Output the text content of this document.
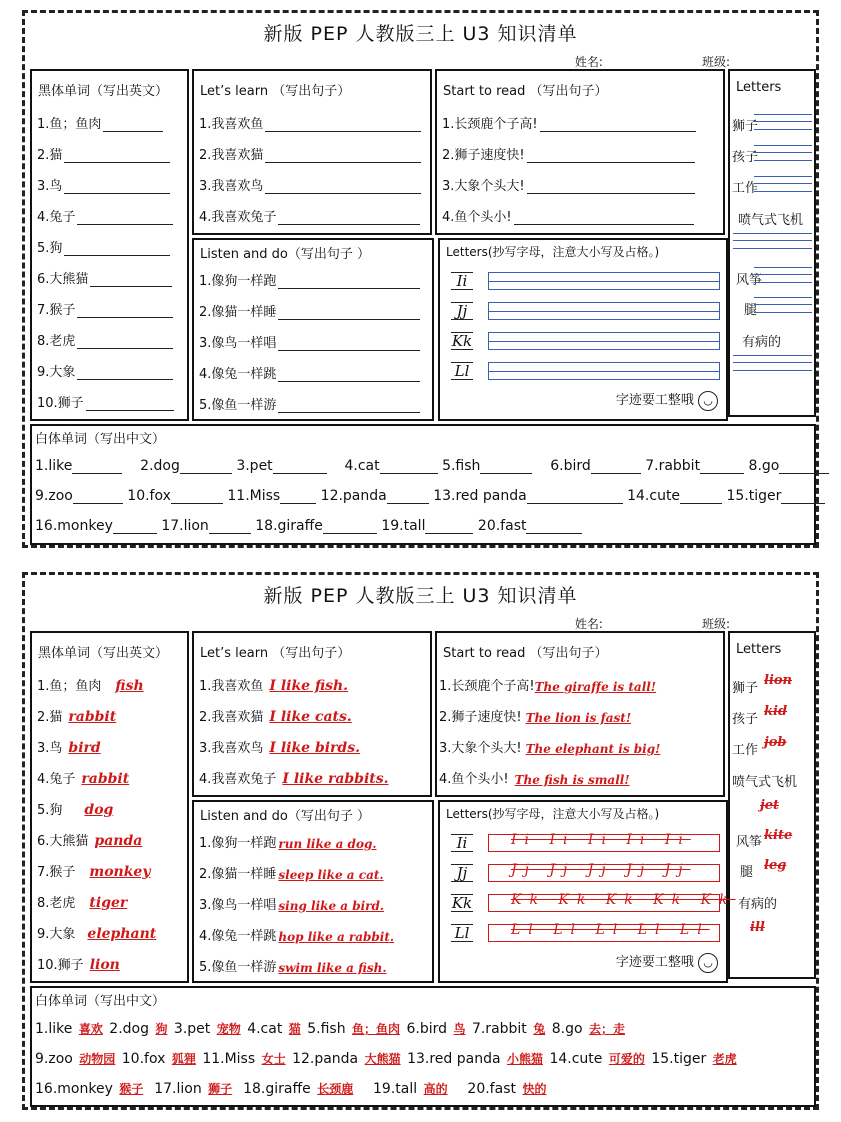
新版 PEP 人教版三上 U3 知识清单
姓名:	班级:
黑体单词（写出英文）
1.鱼；鱼肉
2.猫
3.鸟
4.兔子
5.狗
6.大熊猫
7.猴子
8.老虎
9.大象
10.狮子
Let’s learn （写出句子）
1.我喜欢鱼
2.我喜欢猫
3.我喜欢鸟
4.我喜欢兔子
Start to read （写出句子）
1.长颈鹿个子高!
2.狮子速度快!
3.大象个头大!
4.鱼个头小!
Letters
狮子
孩子
工作
喷气式飞机
风筝
腿
有病的
Listen and do（写出句子 ）
1.像狗一样跑
2.像猫一样睡
3.像鸟一样唱
4.像兔一样跳
5.像鱼一样游
Letters(抄写字母，注意大小写及占格。)
Ii
Jj
Kk
Ll
字迹要工整哦 ◡
白体单词（写出中文）
1.like	2.dog	3.pet	4.cat	5.fish	6.bird	7.rabbit	8.go
9.zoo	10.fox	11.Miss	12.panda	13.red panda	14.cute	15.tiger
16.monkey	17.lion	18.giraffe	19.tall	20.fast
新版 PEP 人教版三上 U3 知识清单
姓名:	班级:
黑体单词（写出英文）
1.鱼；鱼肉	fish
2.猫 rabbit
3.鸟 bird
4.兔子 rabbit
5.狗	dog
6.大熊猫 panda
7.猴子	monkey
8.老虎	tiger
9.大象 elephant
10.狮子 lion
Let’s learn （写出句子）
1.我喜欢鱼 I like fish.
2.我喜欢猫 I like cats.
3.我喜欢鸟 I like birds.
4.我喜欢兔子 I like rabbits.
Start to read （写出句子）
1.长颈鹿个子高! The giraffe is tall!
2.狮子速度快! The lion is fast!
3.大象个头大! The elephant is big!
4.鱼个头小! The fish is small!
Letters
狮子
lion
孩子
kid
工作
job
喷气式飞机
jet
风筝 kite
腿 leg
有病的
ill
Listen and do（写出句子 ）
1.像狗一样跑 run like a dog.
2.像猫一样睡 sleep like a cat.
3.像鸟一样唱 sing like a bird.
4.像兔一样跳 hop like a rabbit.
5.像鱼一样游 swim like a fish.
Letters(抄写字母，注意大小写及占格。)
Ii	Ii Ii Ii Ii Ii
Jj	Jj Jj Jj Jj Jj
Kk	Kk Kk Kk Kk Kk
Ll	Ll Ll Ll Ll Ll
字迹要工整哦 ◡
白体单词（写出中文）
1.like 喜欢 2.dog 狗 3.pet 宠物 4.cat 猫 5.fish 鱼；鱼肉 6.bird 鸟 7.rabbit 兔 8.go 去；走
9.zoo 动物园 10.fox 狐狸 11.Miss 女士 12.panda 大熊猫 13.red panda 小熊猫 14.cute 可爱的 15.tiger 老虎
16.monkey 猴子 17.lion 狮子 18.giraffe 长颈鹿 19.tall 高的 20.fast 快的
